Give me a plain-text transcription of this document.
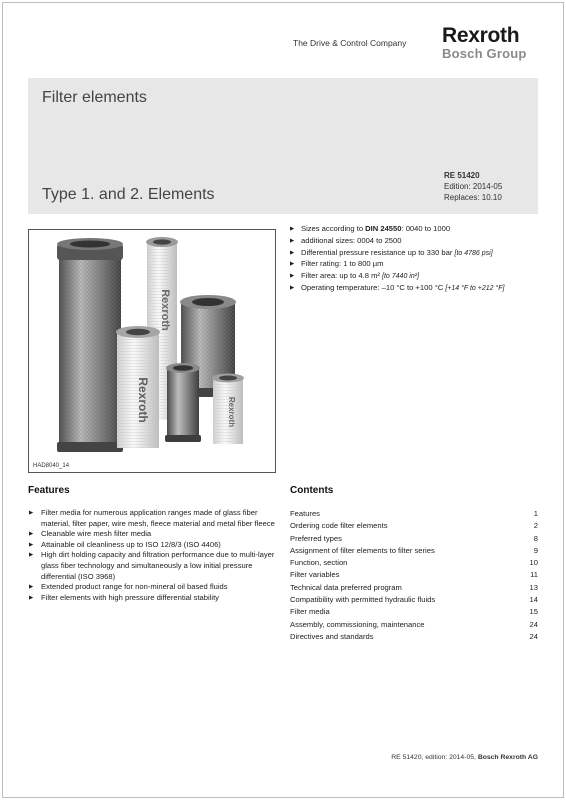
The Drive & Control Company Rexroth
Bosch Group
Filter elements
Type 1. and 2. Elements
RE 51420
Edition: 2014-05
Replaces: 10.10
Rexroth
Rexroth	Rexroth
HAD8040_14
▶ Sizes according to DIN 24550: 0040 to 1000
▶ additional sizes: 0004 to 2500
▶ Differential pressure resistance up to 330 bar [to 4786 psi]
▶ Filter rating: 1 to 800 µm
▶ Filter area: up to 4.8 m² [to 7440 in²]
▶ Operating temperature: –10 °C to +100 °C [+14 °F to +212 °F]
Features	Contents
▶ Filter media for numerous application ranges made of glass fiber material, filter paper, wire mesh, fleece material and metal fiber fleece
▶ Cleanable wire mesh filter media
▶ Attainable oil cleanliness up to ISO 12/8/3 (ISO 4406)
▶ High dirt holding capacity and filtration performance due to multi-layer glass fiber technology and simultaneously a low initial pressure differential (ISO 3968)
▶ Extended product range for non-mineral oil based fluids
▶ Filter elements with high pressure differential stability
Features	1
Ordering code filter elements	2
Preferred types	8
Assignment of filter elements to filter series	9
Function, section	10
Filter variables	11
Technical data preferred program	13
Compatibility with permitted hydraulic fluids	14
Filter media	15
Assembly, commissioning, maintenance	24
Directives and standards	24
RE 51420, edition: 2014-05, Bosch Rexroth AG
